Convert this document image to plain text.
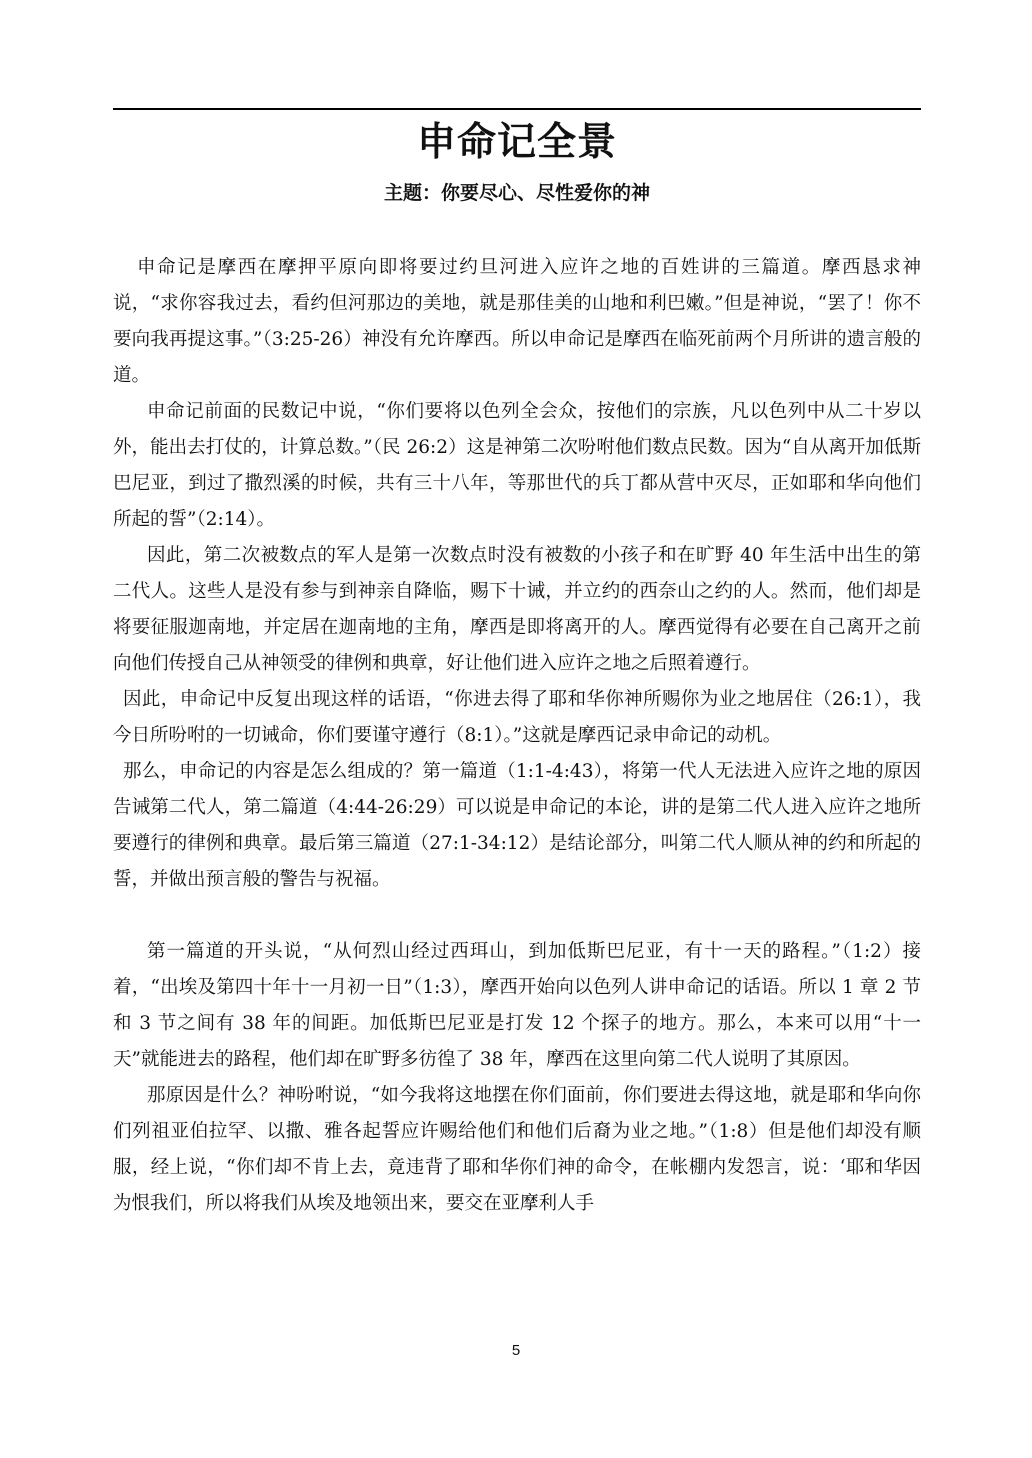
申命记全景
主题：你要尽心、尽性爱你的神

申命记是摩西在摩押平原向即将要过约旦河进入应许之地的百姓讲的三篇道。摩西恳求神说，“求你容我过去，看约但河那边的美地，就是那佳美的山地和利巴嫩。”但是神说，“罢了！你不要向我再提这事。”（3:25-26）神没有允许摩西。所以申命记是摩西在临死前两个月所讲的遗言般的道。

申命记前面的民数记中说，“你们要将以色列全会众，按他们的宗族，凡以色列中从二十岁以外，能出去打仗的，计算总数。”（民 26:2）这是神第二次吩咐他们数点民数。因为“自从离开加低斯巴尼亚，到过了撒烈溪的时候，共有三十八年，等那世代的兵丁都从营中灭尽，正如耶和华向他们所起的誓”（2:14）。

因此，第二次被数点的军人是第一次数点时没有被数的小孩子和在旷野 40 年生活中出生的第二代人。这些人是没有参与到神亲自降临，赐下十诫，并立约的西奈山之约的人。然而，他们却是将要征服迦南地，并定居在迦南地的主角，摩西是即将离开的人。摩西觉得有必要在自己离开之前向他们传授自己从神领受的律例和典章，好让他们进入应许之地之后照着遵行。

因此，申命记中反复出现这样的话语，“你进去得了耶和华你神所赐你为业之地居住（26:1），我今日所吩咐的一切诫命，你们要谨守遵行（8:1）。”这就是摩西记录申命记的动机。

那么，申命记的内容是怎么组成的？第一篇道（1:1-4:43），将第一代人无法进入应许之地的原因告诫第二代人，第二篇道（4:44-26:29）可以说是申命记的本论，讲的是第二代人进入应许之地所要遵行的律例和典章。最后第三篇道（27:1-34:12）是结论部分，叫第二代人顺从神的约和所起的誓，并做出预言般的警告与祝福。

第一篇道的开头说，“从何烈山经过西珥山，到加低斯巴尼亚，有十一天的路程。”（1:2）接着，“出埃及第四十年十一月初一日”（1:3），摩西开始向以色列人讲申命记的话语。所以 1 章 2 节和 3 节之间有 38 年的间距。加低斯巴尼亚是打发 12 个探子的地方。那么，本来可以用“十一天”就能进去的路程，他们却在旷野多彷徨了 38 年，摩西在这里向第二代人说明了其原因。

那原因是什么？神吩咐说，“如今我将这地摆在你们面前，你们要进去得这地，就是耶和华向你们列祖亚伯拉罕、以撒、雅各起誓应许赐给他们和他们后裔为业之地。”（1:8）但是他们却没有顺服，经上说，“你们却不肯上去，竟违背了耶和华你们神的命令，在帐棚内发怨言，说：‘耶和华因为恨我们，所以将我们从埃及地领出来，要交在亚摩利人手

5
